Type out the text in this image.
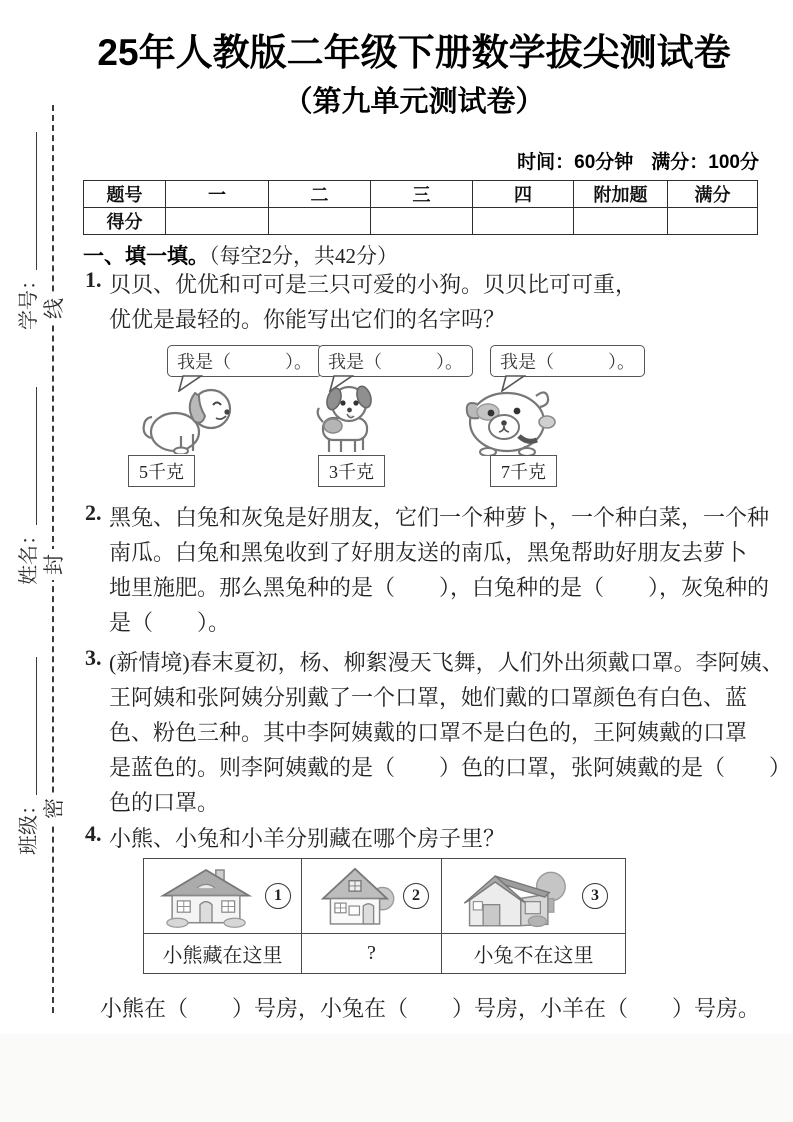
学号：
姓名：
班级：
线
封
密
25年人教版二年级下册数学拔尖测试卷
（第九单元测试卷）
时间：60分钟 满分：100分
题号	一	二	三	四	附加题	满分
得分						
一、填一填。（每空2分，共42分）
1. 贝贝、优优和可可是三只可爱的小狗。贝贝比可可重，
优优是最轻的。你能写出它们的名字吗？
我是（　　　）。 我是（　　　）。	我是（　　　）。
5千克	3千克	7千克
2. 黑兔、白兔和灰兔是好朋友，它们一个种萝卜，一个种白菜，一个种
南瓜。白兔和黑兔收到了好朋友送的南瓜，黑兔帮助好朋友去萝卜
地里施肥。那么黑兔种的是（　　），白兔种的是（　　），灰兔种的
是（　　）。
3. (新情境)春末夏初，杨、柳絮漫天飞舞，人们外出须戴口罩。李阿姨、
王阿姨和张阿姨分别戴了一个口罩，她们戴的口罩颜色有白色、蓝
色、粉色三种。其中李阿姨戴的口罩不是白色的，王阿姨戴的口罩
是蓝色的。则李阿姨戴的是（　　）色的口罩，张阿姨戴的是（　　）
色的口罩。
4. 小熊、小兔和小羊分别藏在哪个房子里？
1	2	3

小熊藏在这里	?	小兔不在这里
小熊在（　　）号房，小兔在（　　）号房，小羊在（　　）号房。
